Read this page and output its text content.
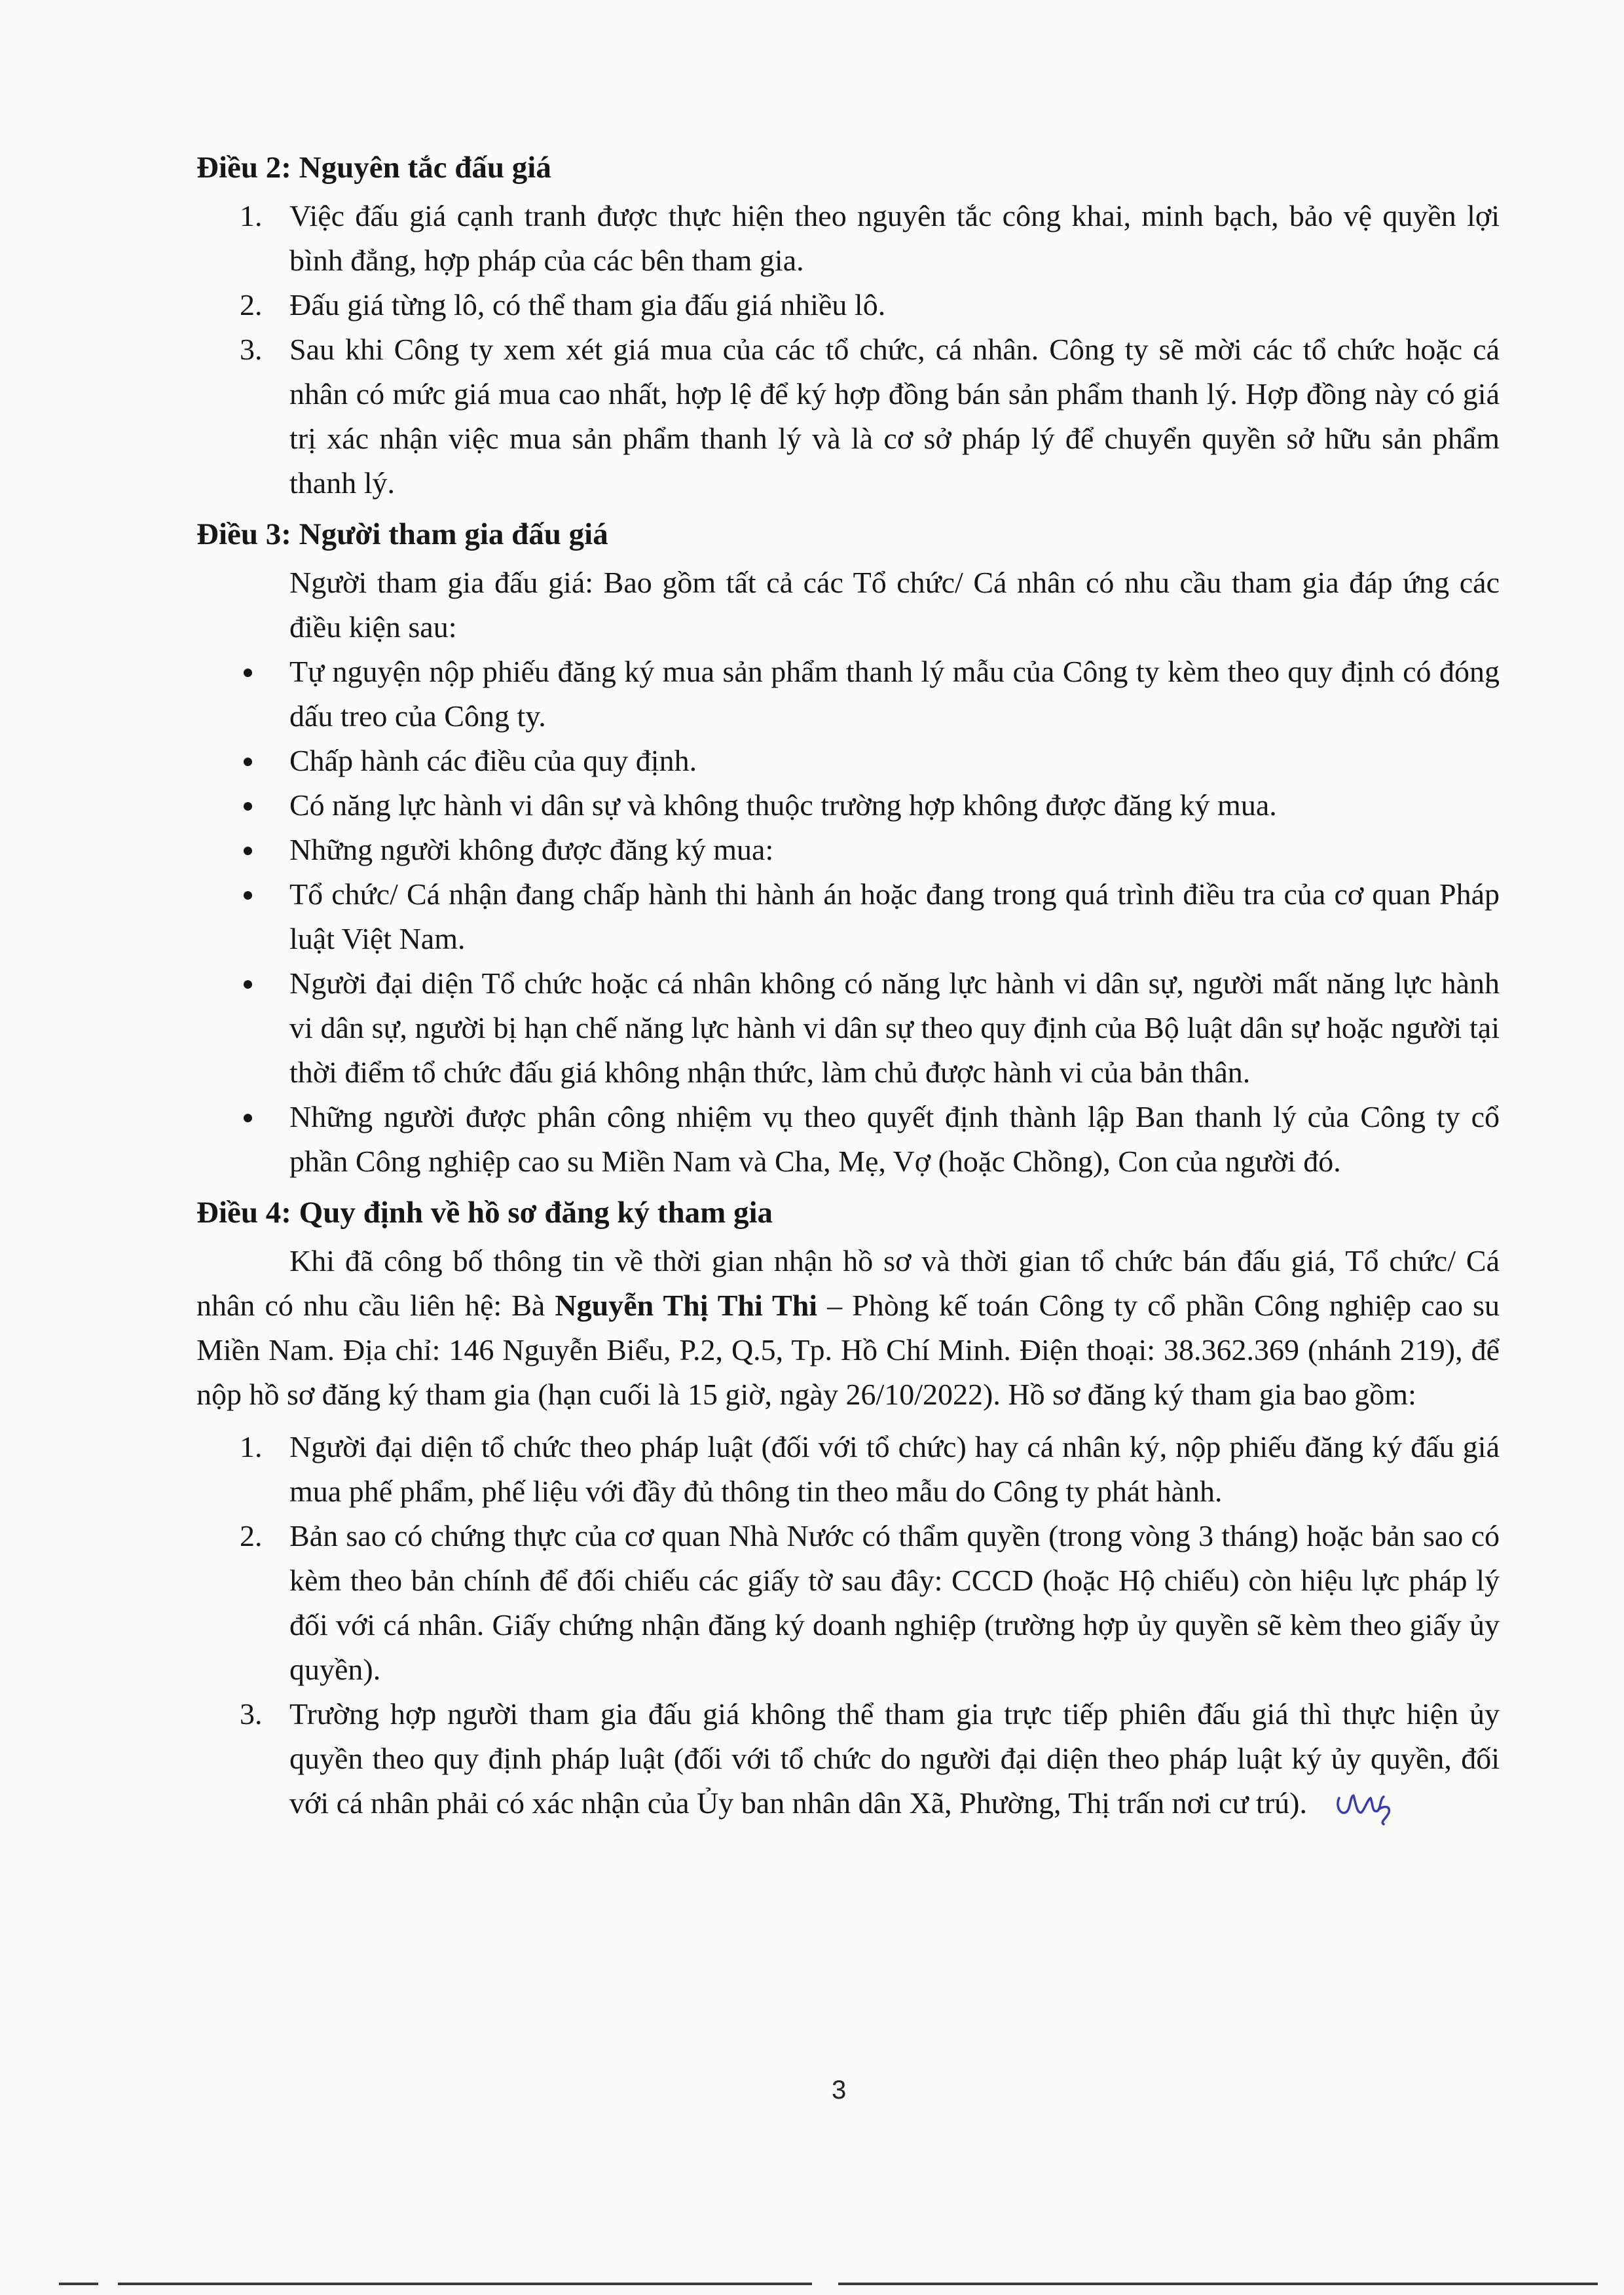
Điều 2: Nguyên tắc đấu giá
1. Việc đấu giá cạnh tranh được thực hiện theo nguyên tắc công khai, minh bạch, bảo vệ quyền lợi bình đẳng, hợp pháp của các bên tham gia.
2. Đấu giá từng lô, có thể tham gia đấu giá nhiều lô.
3. Sau khi Công ty xem xét giá mua của các tổ chức, cá nhân. Công ty sẽ mời các tổ chức hoặc cá nhân có mức giá mua cao nhất, hợp lệ để ký hợp đồng bán sản phẩm thanh lý. Hợp đồng này có giá trị xác nhận việc mua sản phẩm thanh lý và là cơ sở pháp lý để chuyển quyền sở hữu sản phẩm thanh lý.
Điều 3: Người tham gia đấu giá

Người tham gia đấu giá: Bao gồm tất cả các Tổ chức/ Cá nhân có nhu cầu tham gia đáp ứng các điều kiện sau:

Tự nguyện nộp phiếu đăng ký mua sản phẩm thanh lý mẫu của Công ty kèm theo quy định có đóng dấu treo của Công ty.
Chấp hành các điều của quy định.
Có năng lực hành vi dân sự và không thuộc trường hợp không được đăng ký mua.
Những người không được đăng ký mua:
Tổ chức/ Cá nhận đang chấp hành thi hành án hoặc đang trong quá trình điều tra của cơ quan Pháp luật Việt Nam.
Người đại diện Tổ chức hoặc cá nhân không có năng lực hành vi dân sự, người mất năng lực hành vi dân sự, người bị hạn chế năng lực hành vi dân sự theo quy định của Bộ luật dân sự hoặc người tại thời điểm tổ chức đấu giá không nhận thức, làm chủ được hành vi của bản thân.
Những người được phân công nhiệm vụ theo quyết định thành lập Ban thanh lý của Công ty cổ phần Công nghiệp cao su Miền Nam và Cha, Mẹ, Vợ (hoặc Chồng), Con của người đó.
Điều 4: Quy định về hồ sơ đăng ký tham gia

Khi đã công bố thông tin về thời gian nhận hồ sơ và thời gian tổ chức bán đấu giá, Tổ chức/ Cá nhân có nhu cầu liên hệ: Bà Nguyễn Thị Thi Thi – Phòng kế toán Công ty cổ phần Công nghiệp cao su Miền Nam. Địa chỉ: 146 Nguyễn Biểu, P.2, Q.5, Tp. Hồ Chí Minh. Điện thoại: 38.362.369 (nhánh 219), để nộp hồ sơ đăng ký tham gia (hạn cuối là 15 giờ, ngày 26/10/2022). Hồ sơ đăng ký tham gia bao gồm:

1. Người đại diện tổ chức theo pháp luật (đối với tổ chức) hay cá nhân ký, nộp phiếu đăng ký đấu giá mua phế phẩm, phế liệu với đầy đủ thông tin theo mẫu do Công ty phát hành.
2. Bản sao có chứng thực của cơ quan Nhà Nước có thẩm quyền (trong vòng 3 tháng) hoặc bản sao có kèm theo bản chính để đối chiếu các giấy tờ sau đây: CCCD (hoặc Hộ chiếu) còn hiệu lực pháp lý đối với cá nhân. Giấy chứng nhận đăng ký doanh nghiệp (trường hợp ủy quyền sẽ kèm theo giấy ủy quyền).
3. Trường hợp người tham gia đấu giá không thể tham gia trực tiếp phiên đấu giá thì thực hiện ủy quyền theo quy định pháp luật (đối với tổ chức do người đại diện theo pháp luật ký ủy quyền, đối với cá nhân phải có xác nhận của Ủy ban nhân dân Xã, Phường, Thị trấn nơi cư trú).
3
